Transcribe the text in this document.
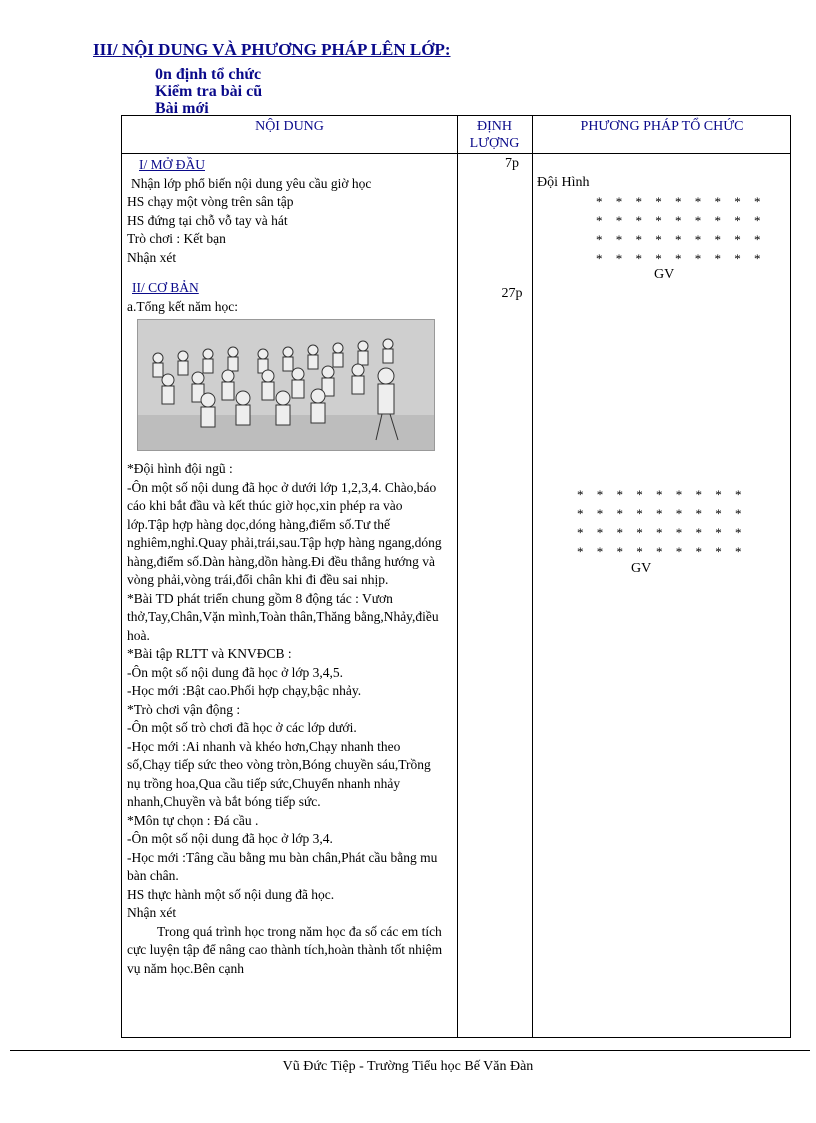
III/ NỘI DUNG VÀ PHƯƠNG PHÁP LÊN LỚP:
0n định tổ chức
Kiểm tra bài cũ
Bài mới
NỘI DUNG	ĐỊNH LƯỢNG
PHƯƠNG PHÁP TỔ CHỨC

I/ MỞ ĐẦU

Nhận lớp phổ biến nội dung yêu cầu giờ học

HS chạy một vòng trên sân tập

HS đứng tại chỗ vỗ tay và hát

Trò chơi : Kết bạn

Nhận xét

II/ CƠ BẢN

a.Tổng kết năm học:

*Đội hình đội ngũ :

-Ôn một số nội dung đã học ở dưới lớp 1,2,3,4. Chào,báo cáo khi bắt đầu và kết thúc giờ học,xin phép ra vào lớp.Tập hợp hàng dọc,dóng hàng,điểm số.Tư thế nghiêm,nghỉ.Quay phải,trái,sau.Tập hợp hàng ngang,dóng hàng,điểm số.Dàn hàng,dồn hàng.Đi đều thẳng hướng và vòng phải,vòng trái,đổi chân khi đi đều sai nhịp.

*Bài TD phát triển chung gồm 8 động tác : Vươn thở,Tay,Chân,Vặn mình,Toàn thân,Thăng bằng,Nhảy,điều hoà.

*Bài tập RLTT và KNVĐCB :

-Ôn một số nội dung đã học ở lớp 3,4,5.

-Học mới :Bật cao.Phối hợp chạy,bậc nhảy.

*Trò chơi vận động :

-Ôn một số trò chơi đã học ở các lớp dưới.

-Học mới :Ai nhanh và khéo hơn,Chạy nhanh theo số,Chạy tiếp sức theo vòng tròn,Bóng chuyền sáu,Trồng nụ trồng hoa,Qua cầu tiếp sức,Chuyển nhanh nhảy nhanh,Chuyền và bắt bóng tiếp sức.

*Môn tự chọn : Đá cầu .

-Ôn một số nội dung đã học ở lớp 3,4.

-Học mới :Tâng cầu bằng mu bàn chân,Phát cầu bằng mu bàn chân.

HS thực hành một số nội dung đã học.

Nhận xét

Trong quá trình học trong năm học đa số các em tích cực luyện tập để nâng cao thành tích,hoàn thành tốt nhiệm vụ năm học.Bên cạnh

7p
27p
Đội Hình
* * * * * * * * *
* * * * * * * * *
* * * * * * * * *
* * * * * * * * *
GV
* * * * * * * * *
* * * * * * * * *
* * * * * * * * *
* * * * * * * * *
GV
Vũ Đức Tiệp - Trường Tiểu học Bế Văn Đàn
